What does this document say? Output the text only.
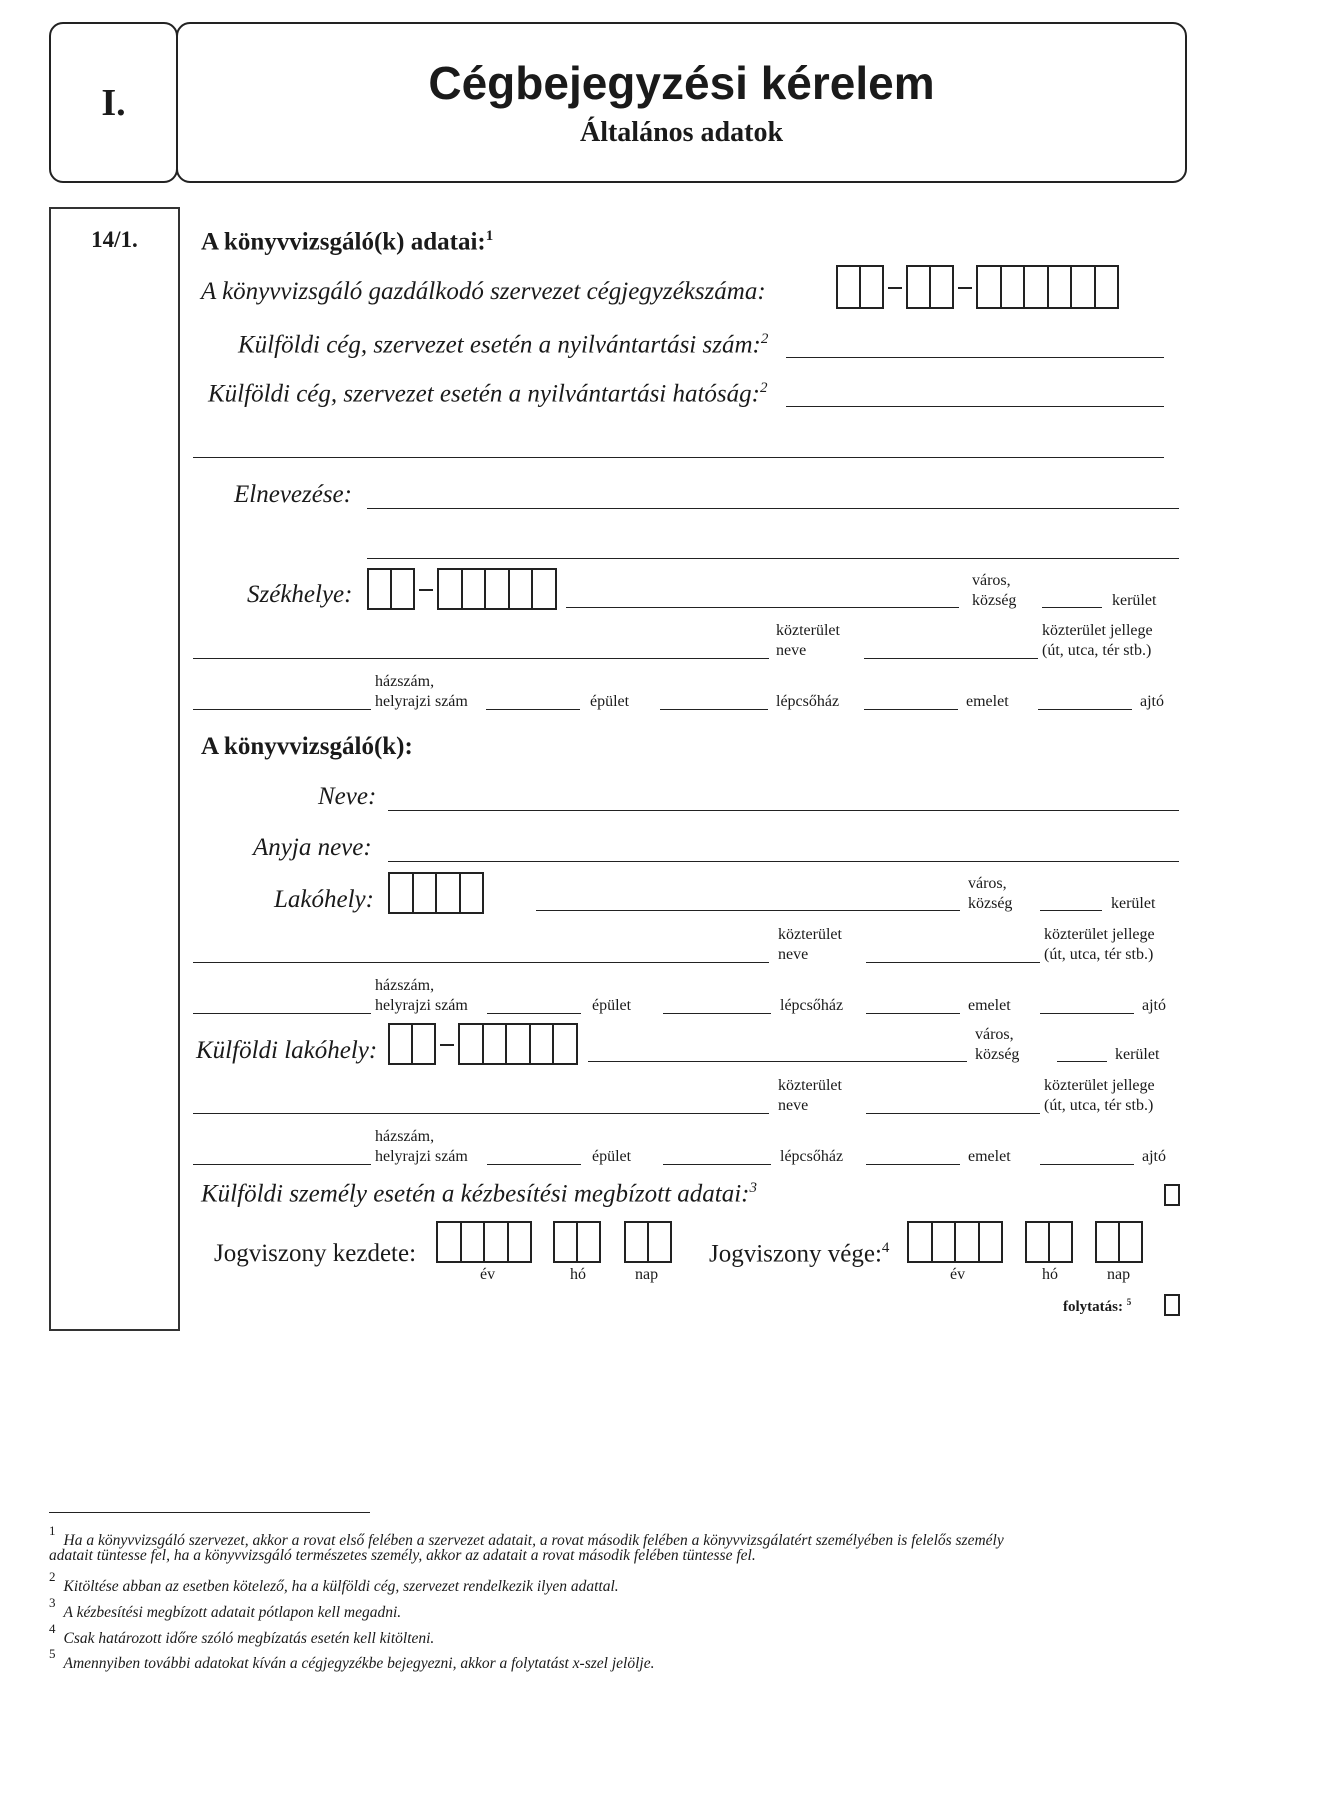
I.	Cégbejegyzési kérelem
Általános adatok
14/1.	A könyvvizsgáló(k) adatai:$^1$
A könyvvizsgáló gazdálkodó szervezet cégjegyzékszáma:
Külföldi cég, szervezet esetén a nyilvántartási szám:$^2$
Külföldi cég, szervezet esetén a nyilvántartási hatóság:$^2$
Elnevezése:
Székhelye:
város,
község	kerület
közterület
neve
közterület jellege
(út, utca, tér stb.)
házszám,
helyrajzi szám	épület	lépcsőház	emelet	ajtó
A könyvvizsgáló(k):
Neve:
Anyja neve:
Lakóhely:
város,
község	kerület
közterület
neve
közterület jellege
(út, utca, tér stb.)
házszám,
helyrajzi szám	épület	lépcsőház	emelet	ajtó
Külföldi lakóhely:
város,
község	kerület
közterület
neve
közterület jellege
(út, utca, tér stb.)
házszám,
helyrajzi szám	épület	lépcsőház	emelet	ajtó
Külföldi személy esetén a kézbesítési megbízott adatai:$^3$
Jogviszony kezdete:
év	hó	nap
Jogviszony vége:$^4$
év	hó	nap
folytatás: $^5$
$^1$Ha a könyvvizsgáló szervezet, akkor a rovat első felében a szervezet adatait, a rovat második felében a könyvvizsgálatért személyében is felelős személy
adatait tüntesse fel, ha a könyvvizsgáló természetes személy, akkor az adatait a rovat második felében tüntesse fel.
$^2$Kitöltése abban az esetben kötelező, ha a külföldi cég, szervezet rendelkezik ilyen adattal.
$^3$A kézbesítési megbízott adatait pótlapon kell megadni.
$^4$Csak határozott időre szóló megbízatás esetén kell kitölteni.
$^5$Amennyiben további adatokat kíván a cégjegyzékbe bejegyezni, akkor a folytatást x-szel jelölje.
